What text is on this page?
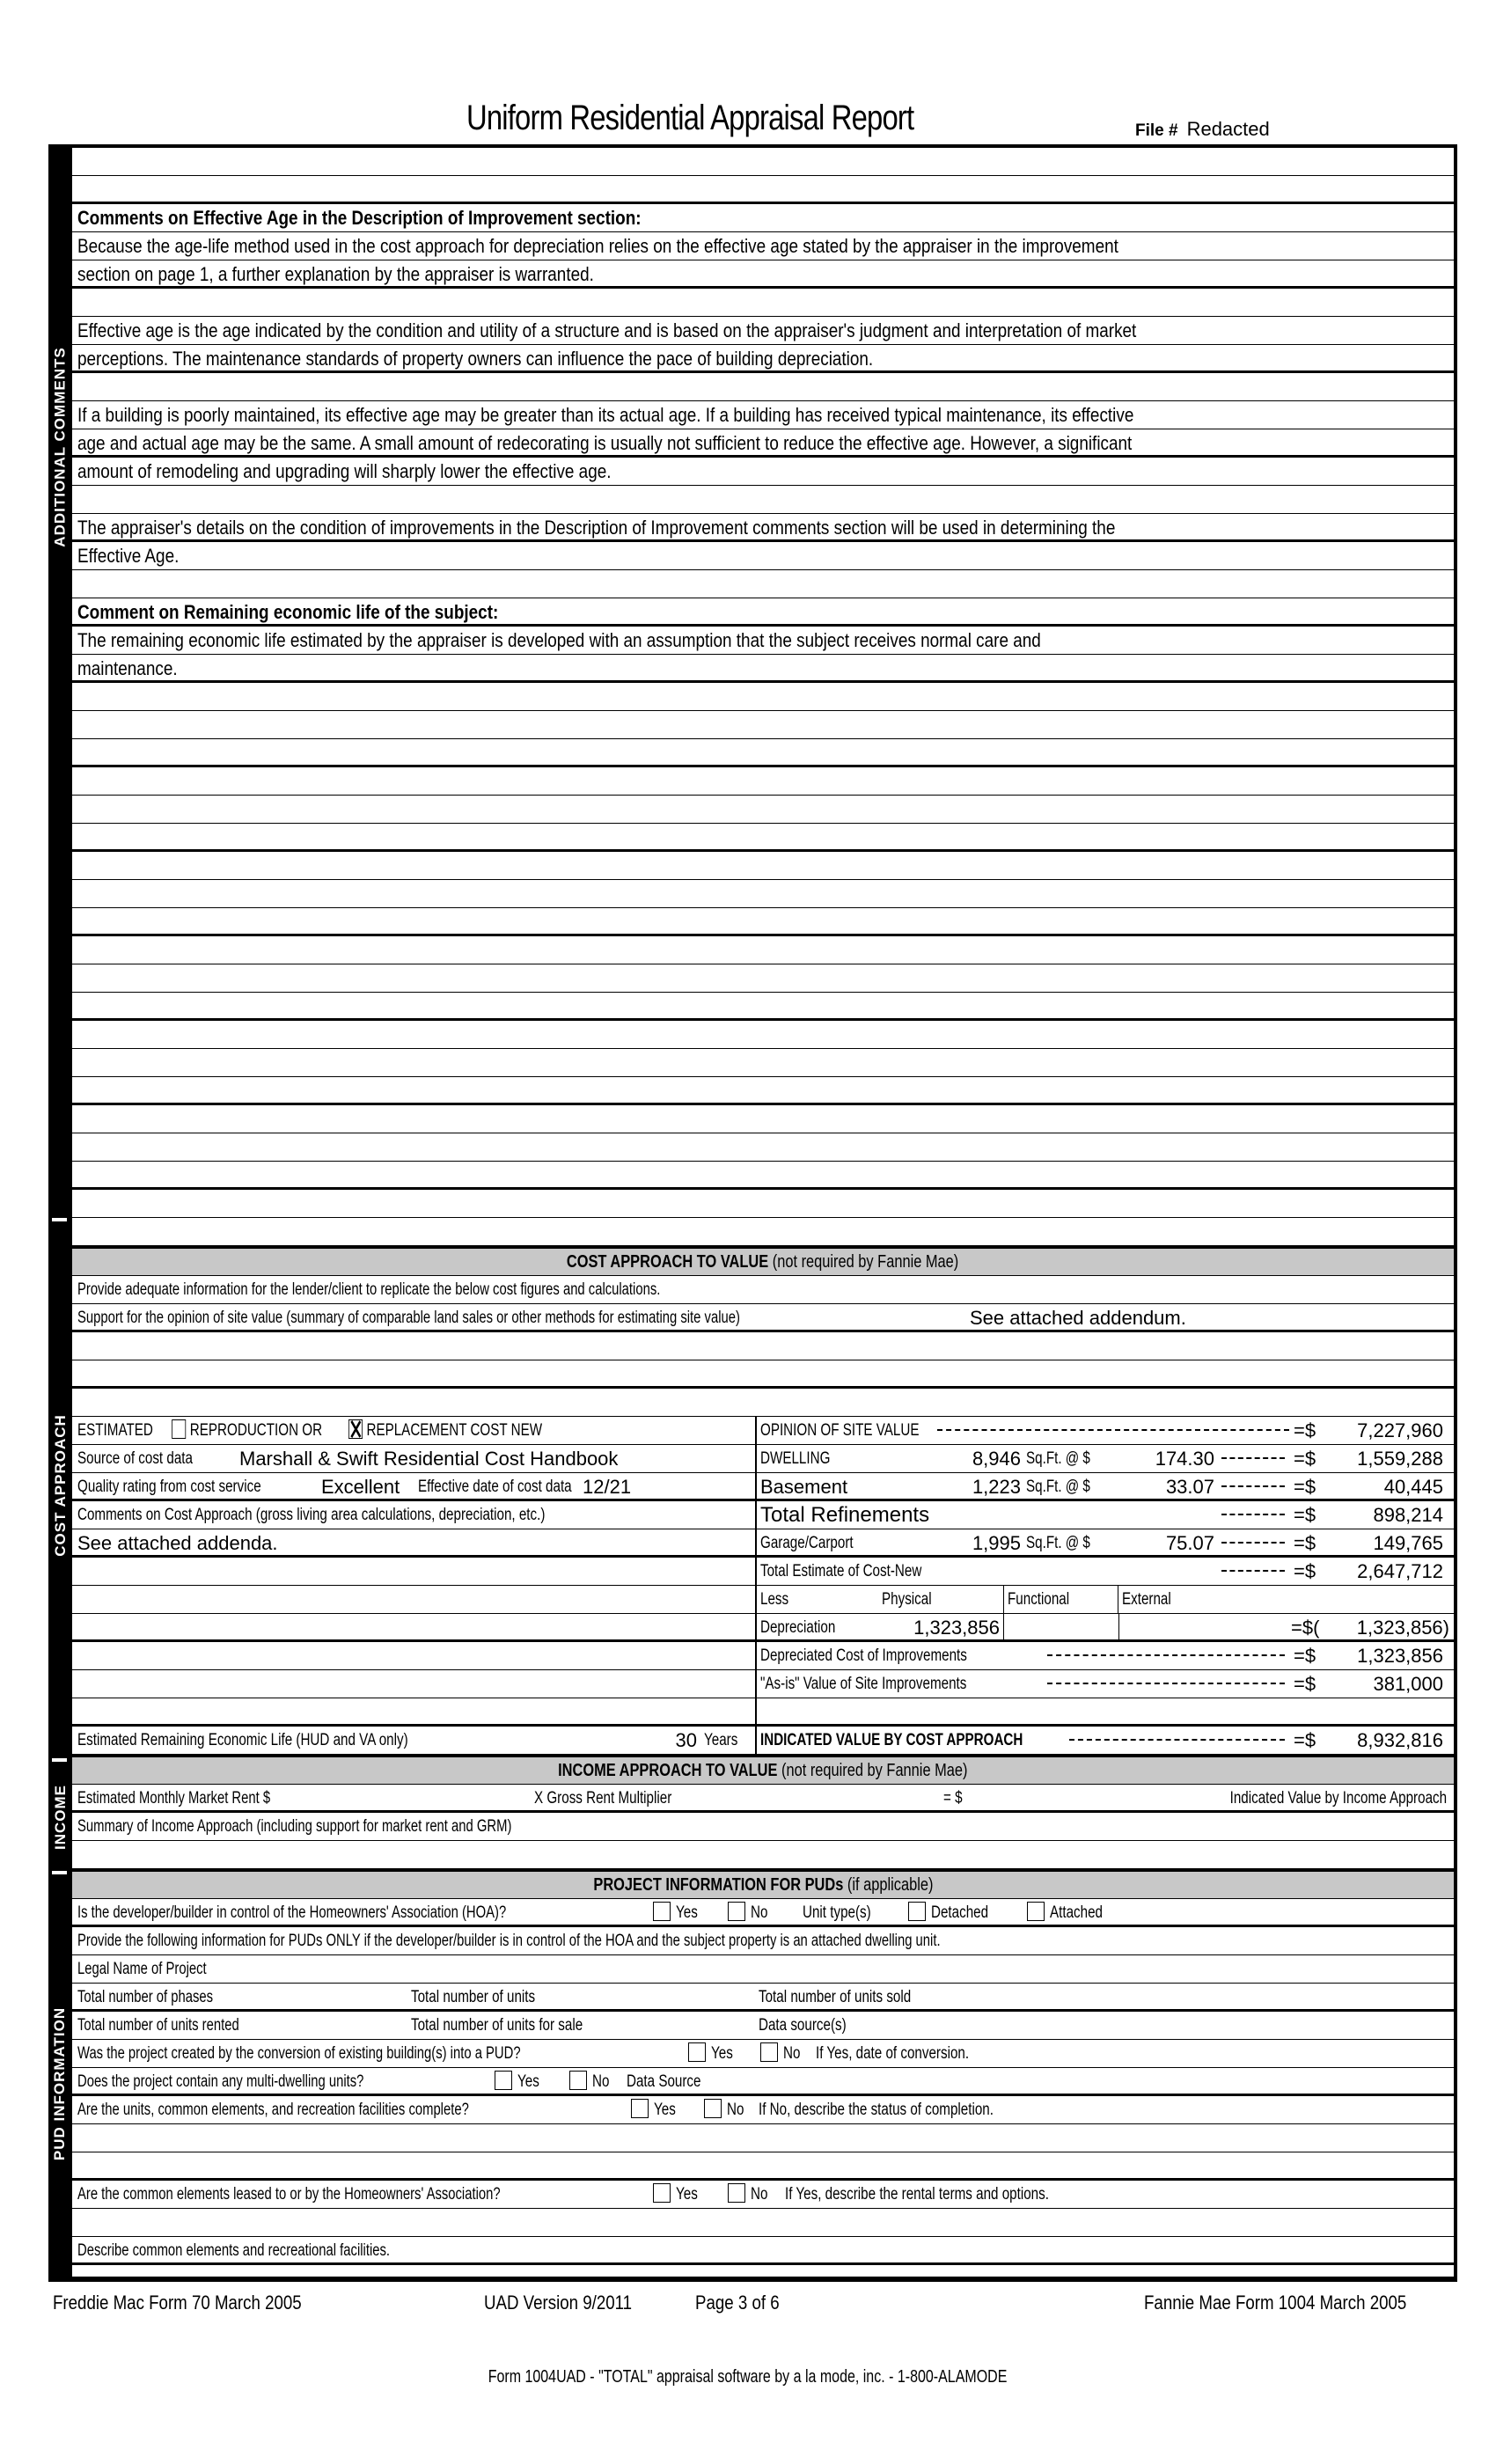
Uniform Residential Appraisal Report	File # Redacted
ADDITIONAL COMMENTS
COST APPROACH
INCOME
PUD INFORMATION
Comments on Effective Age in the Description of Improvement section:
Because the age-life method used in the cost approach for depreciation relies on the effective age stated by the appraiser in the improvement
section on page 1, a further explanation by the appraiser is warranted.
Effective age is the age indicated by the condition and utility of a structure and is based on the appraiser's judgment and interpretation of market
perceptions. The maintenance standards of property owners can influence the pace of building depreciation.
If a building is poorly maintained, its effective age may be greater than its actual age. If a building has received typical maintenance, its effective
age and actual age may be the same. A small amount of redecorating is usually not sufficient to reduce the effective age. However, a significant
amount of remodeling and upgrading will sharply lower the effective age.
The appraiser's details on the condition of improvements in the Description of Improvement comments section will be used in determining the
Effective Age.
Comment on Remaining economic life of the subject:
The remaining economic life estimated by the appraiser is developed with an assumption that the subject receives normal care and
maintenance.
COST APPROACH TO VALUE (not required by Fannie Mae)
Provide adequate information for the lender/client to replicate the below cost figures and calculations.
Support for the opinion of site value (summary of comparable land sales or other methods for estimating site value)	See attached addendum.
ESTIMATED REPRODUCTION OR	REPLACEMENT COST NEW	OPINION OF SITE VALUE	=$	7,227,960
Source of cost data Marshall & Swift Residential Cost Handbook	DWELLING	8,946 Sq.Ft. @ $	174.30	=$	1,559,288
Quality rating from cost service	Excellent Effective date of cost data 12/21	Basement	1,223 Sq.Ft. @ $	33.07	=$	40,445
Comments on Cost Approach (gross living area calculations, depreciation, etc.)	Total Refinements	=$	898,214
See attached addenda.	Garage/Carport	1,995 Sq.Ft. @ $	75.07	=$	149,765
Total Estimate of Cost-New	=$	2,647,712
Less	Physical	Functional	External
Depreciation	1,323,856	=$(	1,323,856)
Depreciated Cost of Improvements	=$	1,323,856
"As-is" Value of Site Improvements	=$	381,000
Estimated Remaining Economic Life (HUD and VA only)	30 Years	INDICATED VALUE BY COST APPROACH	=$	8,932,816
INCOME APPROACH TO VALUE (not required by Fannie Mae)
Estimated Monthly Market Rent $	X Gross Rent Multiplier	= $	Indicated Value by Income Approach
Summary of Income Approach (including support for market rent and GRM)
PROJECT INFORMATION FOR PUDs (if applicable)
Is the developer/builder in control of the Homeowners' Association (HOA)?	Yes	No Unit type(s)	Detached	Attached
Provide the following information for PUDs ONLY if the developer/builder is in control of the HOA and the subject property is an attached dwelling unit.
Legal Name of Project
Total number of phases	Total number of units	Total number of units sold
Total number of units rented	Total number of units for sale	Data source(s)
Was the project created by the conversion of existing building(s) into a PUD?	Yes	No If Yes, date of conversion.
Does the project contain any multi-dwelling units?	Yes	No Data Source
Are the units, common elements, and recreation facilities complete?	Yes	No If No, describe the status of completion.
Are the common elements leased to or by the Homeowners' Association?	Yes	No If Yes, describe the rental terms and options.
Describe common elements and recreational facilities.
Freddie Mac Form 70 March 2005	UAD Version 9/2011	Page 3 of 6	Fannie Mae Form 1004 March 2005
Form 1004UAD - "TOTAL" appraisal software by a la mode, inc. - 1-800-ALAMODE
